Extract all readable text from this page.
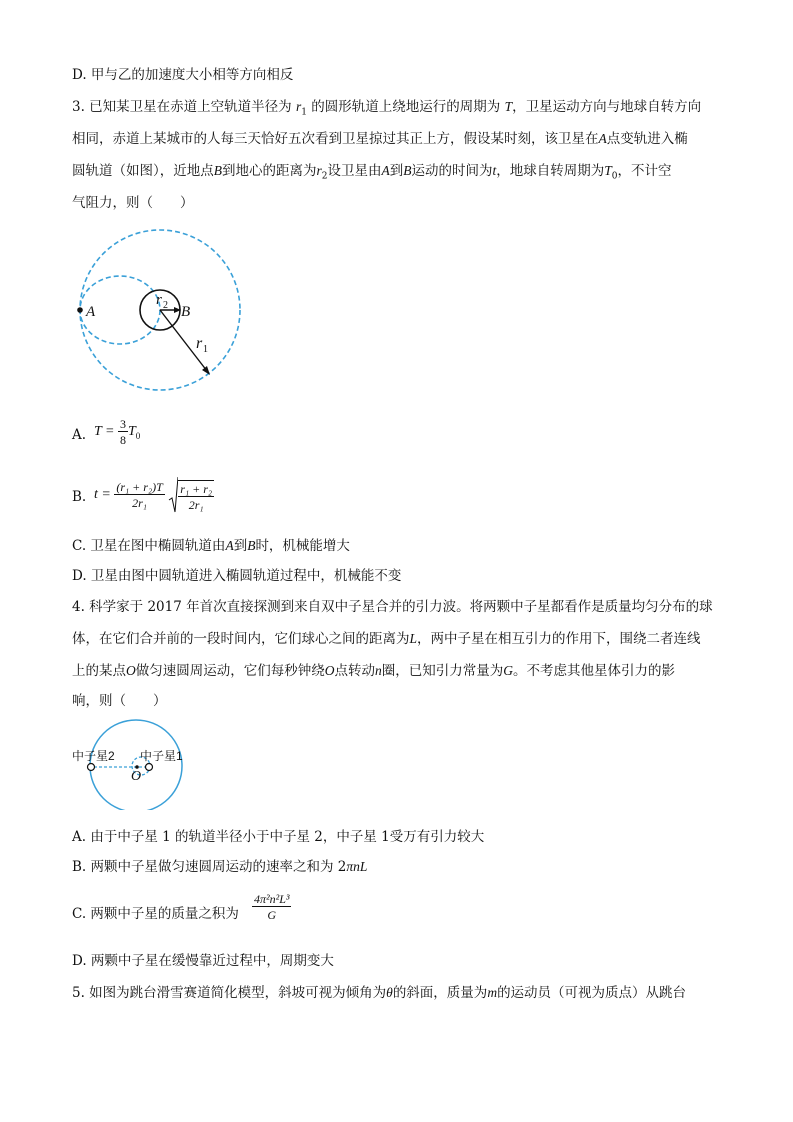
D. 甲与乙的加速度大小相等方向相反
3. 已知某卫星在赤道上空轨道半径为 $r_1$ 的圆形轨道上绕地运行的周期为 T，卫星运动方向与地球自转方向
相同，赤道上某城市的人每三天恰好五次看到卫星掠过其正上方，假设某时刻，该卫星在A点变轨进入椭
圆轨道（如图），近地点B到地心的距离为$r_2$设卫星由A到B运动的时间为t，地球自转周期为$T_0$，不计空
气阻力，则（　　）
A	B
r 2
r 1
A. $T = \frac{3}{8} T_0$
B. $t = \frac{\text{(r₁ + r₂)T}}{\text{2r₁}}$
$\frac{\text{r₁ + r₂}}{\text{2r₁}}$
C. 卫星在图中椭圆轨道由A到B时，机械能增大
D. 卫星由图中圆轨道进入椭圆轨道过程中，机械能不变
4. 科学家于 2017 年首次直接探测到来自双中子星合并的引力波。将两颗中子星都看作是质量均匀分布的球
体，在它们合并前的一段时间内，它们球心之间的距离为L，两中子星在相互引力的作用下，围绕二者连线
上的某点O做匀速圆周运动，它们每秒钟绕O点转动n圈，已知引力常量为G。不考虑其他星体引力的影
响，则（　　）
中子星2 中子星1
O
A. 由于中子星 1 的轨道半径小于中子星 2，中子星 1受万有引力较大
B. 两颗中子星做匀速圆周运动的速率之和为 2πnL
C. 两颗中子星的质量之积为 $\frac{\text{4π²n²L³}}{G}$
D. 两颗中子星在缓慢靠近过程中，周期变大
5. 如图为跳台滑雪赛道简化模型，斜坡可视为倾角为θ的斜面，质量为m的运动员（可视为质点）从跳台
